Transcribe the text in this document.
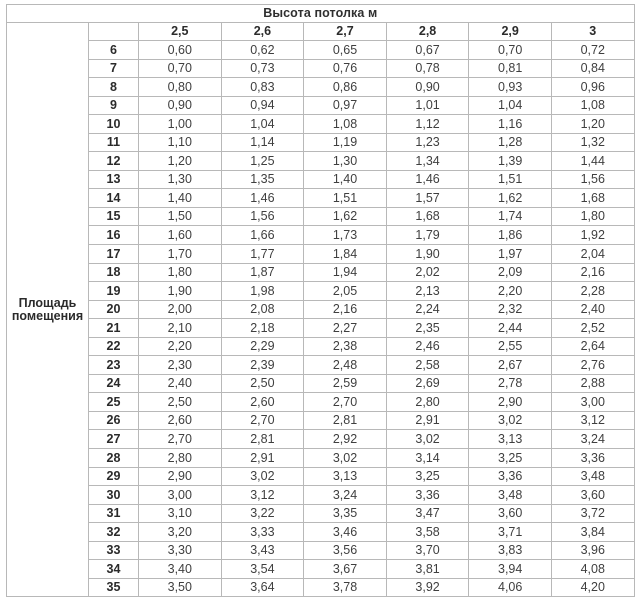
Высота потолка м							

Площадь
помещения		2,5	2,6	2,7	2,8	2,9	3
	6	0,60	0,62	0,65	0,67	0,70	0,72
	7	0,70	0,73	0,76	0,78	0,81	0,84
	8	0,80	0,83	0,86	0,90	0,93	0,96
	9	0,90	0,94	0,97	1,01	1,04	1,08
	10	1,00	1,04	1,08	1,12	1,16	1,20
	11	1,10	1,14	1,19	1,23	1,28	1,32
	12	1,20	1,25	1,30	1,34	1,39	1,44
	13	1,30	1,35	1,40	1,46	1,51	1,56
	14	1,40	1,46	1,51	1,57	1,62	1,68
	15	1,50	1,56	1,62	1,68	1,74	1,80
	16	1,60	1,66	1,73	1,79	1,86	1,92
	17	1,70	1,77	1,84	1,90	1,97	2,04
	18	1,80	1,87	1,94	2,02	2,09	2,16
	19	1,90	1,98	2,05	2,13	2,20	2,28
	20	2,00	2,08	2,16	2,24	2,32	2,40
	21	2,10	2,18	2,27	2,35	2,44	2,52
	22	2,20	2,29	2,38	2,46	2,55	2,64
	23	2,30	2,39	2,48	2,58	2,67	2,76
	24	2,40	2,50	2,59	2,69	2,78	2,88
	25	2,50	2,60	2,70	2,80	2,90	3,00
	26	2,60	2,70	2,81	2,91	3,02	3,12
	27	2,70	2,81	2,92	3,02	3,13	3,24
	28	2,80	2,91	3,02	3,14	3,25	3,36
	29	2,90	3,02	3,13	3,25	3,36	3,48
	30	3,00	3,12	3,24	3,36	3,48	3,60
	31	3,10	3,22	3,35	3,47	3,60	3,72
	32	3,20	3,33	3,46	3,58	3,71	3,84
	33	3,30	3,43	3,56	3,70	3,83	3,96
	34	3,40	3,54	3,67	3,81	3,94	4,08
	35	3,50	3,64	3,78	3,92	4,06	4,20
